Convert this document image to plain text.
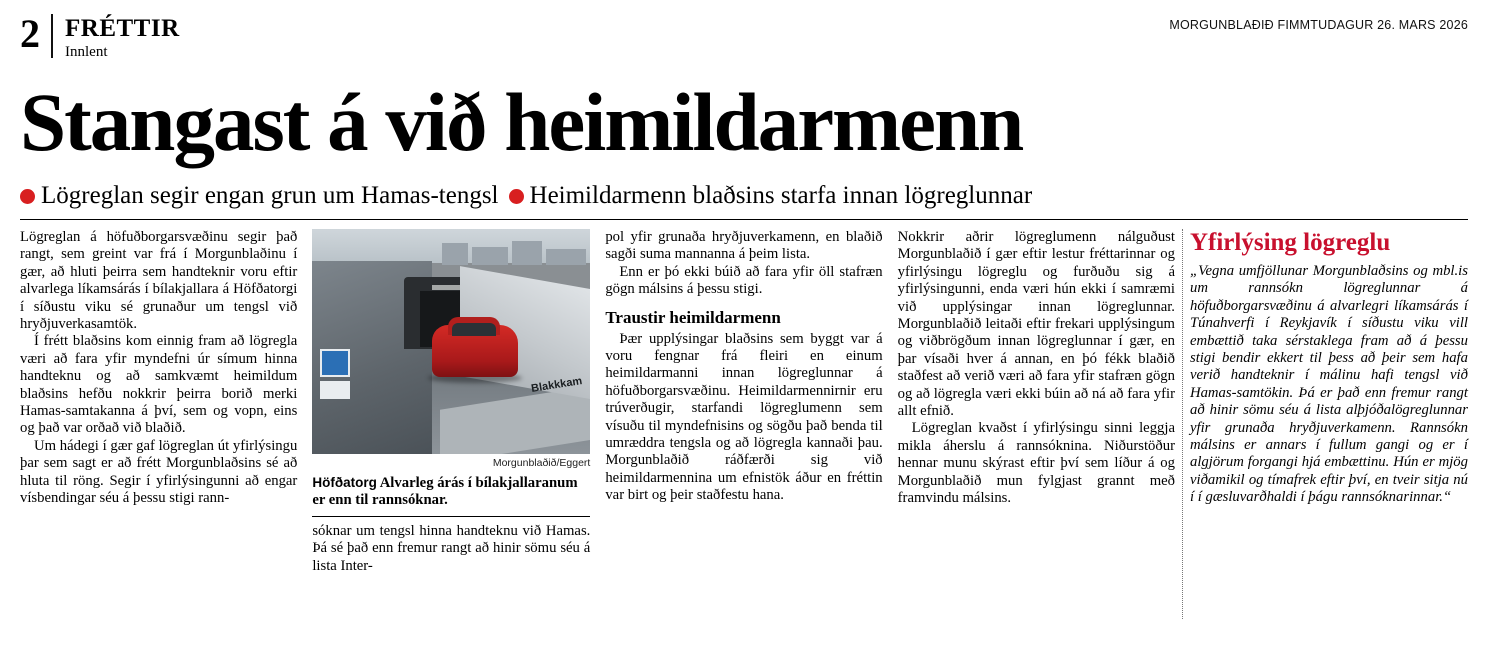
2	FRÉTTIR
Innlent
MORGUNBLAÐIÐ FIMMTUDAGUR 26. MARS 2026
Stangast á við heimildarmenn
Lögreglan segir engan grun um Hamas-tengsl Heimildarmenn blaðsins starfa innan lögreglunnar

Lögreglan á höfuðborgarsvæðinu segir það rangt, sem greint var frá í Morgunblaðinu í gær, að hluti þeirra sem handteknir voru eftir alvarlega líkamsárás í bílakjallara á Höfðatorgi í síðustu viku sé grunaður um tengsl við hryðjuverkasamtök.

Í frétt blaðsins kom einnig fram að lögregla væri að fara yfir myndefni úr símum hinna handteknu og að samkvæmt heimildum blaðsins hefðu nokkrir þeirra borið merki Hamas-samtakanna á því, sem og vopn, eins og það var orðað við blaðið.

Um hádegi í gær gaf lögreglan út yfirlýsingu þar sem sagt er að frétt Morgunblaðsins sé að hluta til röng. Segir í yfirlýsingunni að engar vísbendingar séu á þessu stigi rann-

Blakkkam
Morgunblaðið/Eggert
Höfðatorg Alvarleg árás í bílakjallaranum er enn til rannsóknar.

sóknar um tengsl hinna handteknu við Hamas. Þá sé það enn fremur rangt að hinir sömu séu á lista Inter-

pol yfir grunaða hryðjuverkamenn, en blaðið sagði suma mannanna á þeim lista.

Enn er þó ekki búið að fara yfir öll stafræn gögn málsins á þessu stigi.

Traustir heimildarmenn

Þær upplýsingar blaðsins sem byggt var á voru fengnar frá fleiri en einum heimildarmanni innan lögreglunnar á höfuðborgarsvæðinu. Heimildarmennirnir eru trúverðugir, starfandi lögreglumenn sem vísuðu til myndefnisins og sögðu það benda til umræddra tengsla og að lögregla kannaði þau. Morgunblaðið ráðfærði sig við heimildarmennina um efnistök áður en fréttin var birt og þeir staðfestu hana.

Nokkrir aðrir lögreglumenn nálguðust Morgunblaðið í gær eftir lestur fréttarinnar og yfirlýsingu lögreglu og furðuðu sig á yfirlýsingunni, enda væri hún ekki í samræmi við upplýsingar innan lögreglunnar. Morgunblaðið leitaði eftir frekari upplýsingum og viðbrögðum innan lögreglunnar í gær, en þar vísaði hver á annan, en þó fékk blaðið staðfest að verið væri að fara yfir stafræn gögn og að lögregla væri ekki búin að ná að fara yfir allt efnið.

Lögreglan kvaðst í yfirlýsingu sinni leggja mikla áherslu á rannsóknina. Niðurstöður hennar munu skýrast eftir því sem líður á og Morgunblaðið mun fylgjast grannt með framvindu málsins.

Yfirlýsing lögreglu

„Vegna umfjöllunar Morgunblaðsins og mbl.is um rannsókn lögreglunnar á höfuðborgarsvæðinu á alvarlegri líkamsárás í Túnahverfi í Reykjavík í síðustu viku vill embættið taka sérstaklega fram að á þessu stigi bendir ekkert til þess að þeir sem hafa verið handteknir í málinu hafi tengsl við Hamas-samtökin. Þá er það enn fremur rangt að hinir sömu séu á lista alþjóðalögreglunnar yfir grunaða hryðjuverkamenn. Rannsókn málsins er annars í fullum gangi og er í algjörum forgangi hjá embættinu. Hún er mjög viðamikil og tímafrek eftir því, en tveir sitja nú í í gæsluvarðhaldi í þágu rannsóknarinnar.“
